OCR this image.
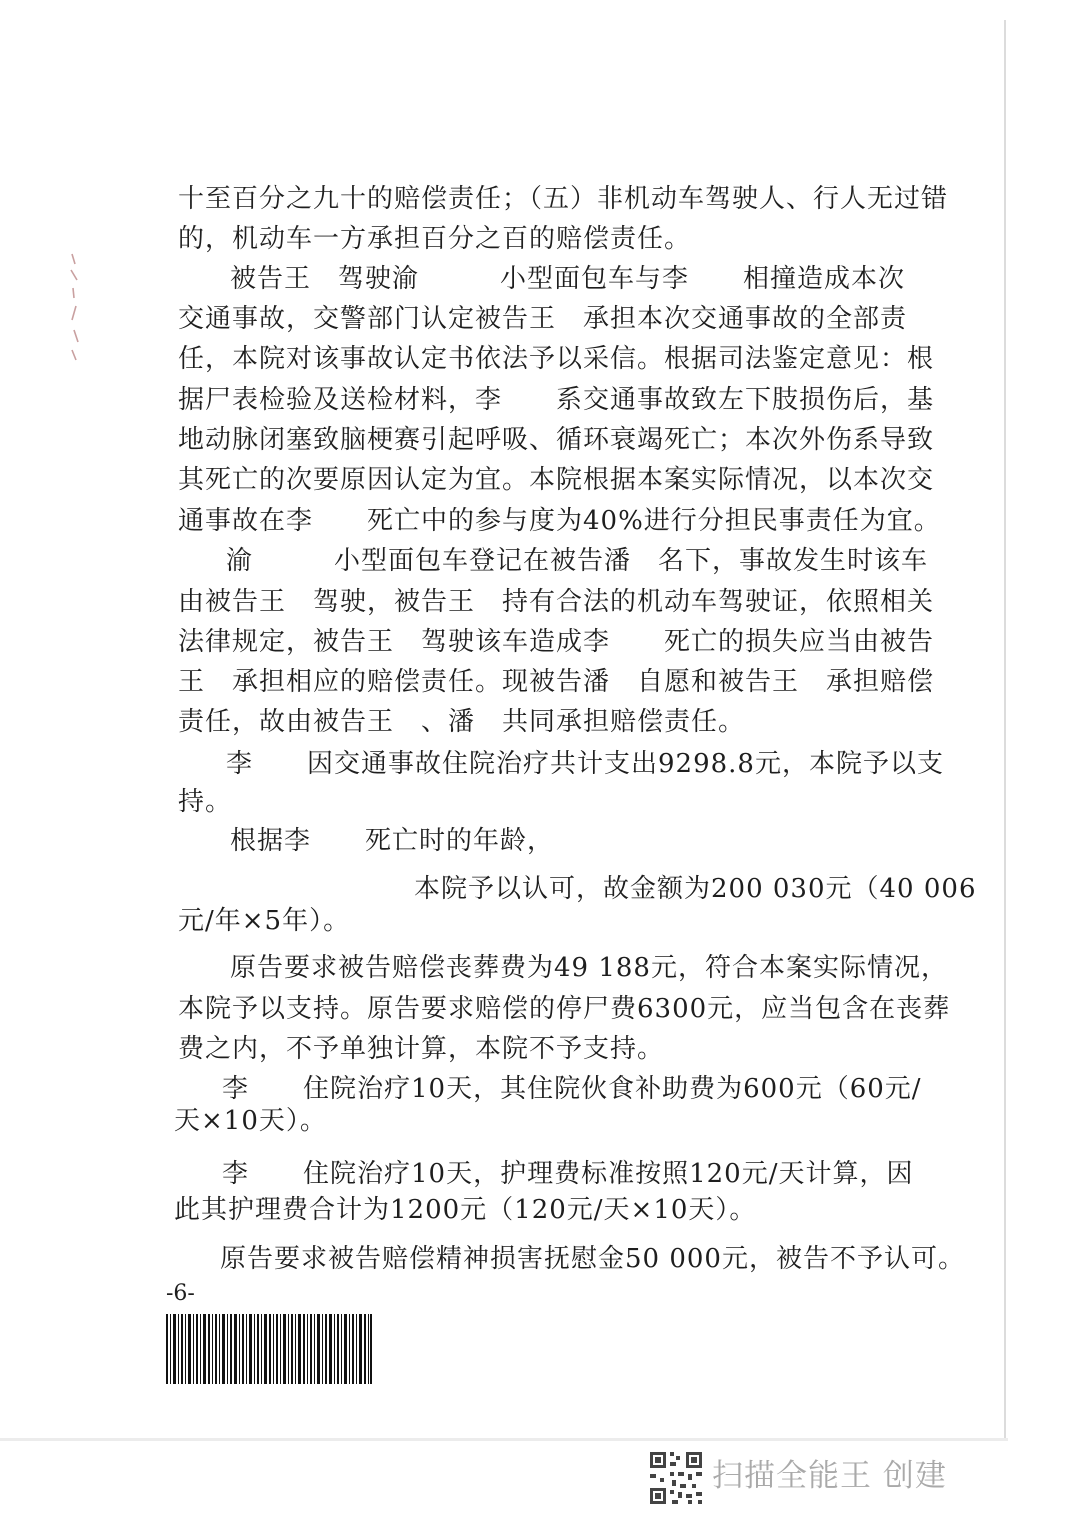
十至百分之九十的赔偿责任；（五）非机动车驾驶人、行人无过错
的，机动车一方承担百分之百的赔偿责任。
被告王　驾驶渝　　　小型面包车与李　　相撞造成本次
交通事故，交警部门认定被告王　承担本次交通事故的全部责
任，本院对该事故认定书依法予以采信。根据司法鉴定意见：根
据尸表检验及送检材料，李　　系交通事故致左下肢损伤后，基
地动脉闭塞致脑梗赛引起呼吸、循环衰竭死亡；本次外伤系导致
其死亡的次要原因认定为宜。本院根据本案实际情况，以本次交
通事故在李　　死亡中的参与度为40%进行分担民事责任为宜。
渝　　　小型面包车登记在被告潘　名下，事故发生时该车
由被告王　驾驶，被告王　持有合法的机动车驾驶证，依照相关
法律规定，被告王　驾驶该车造成李　　死亡的损失应当由被告
王　承担相应的赔偿责任。现被告潘　自愿和被告王　承担赔偿
责任，故由被告王　、潘　共同承担赔偿责任。
李　　因交通事故住院治疗共计支出9298.8元，本院予以支
持。
根据李　　死亡时的年龄，
本院予以认可，故金额为200 030元（40 006
元/年×5年）。
原告要求被告赔偿丧葬费为49 188元，符合本案实际情况，
本院予以支持。原告要求赔偿的停尸费6300元，应当包含在丧葬
费之内，不予单独计算，本院不予支持。
李　　住院治疗10天，其住院伙食补助费为600元（60元/
天×10天）。
李　　住院治疗10天，护理费标准按照120元/天计算，因
此其护理费合计为1200元（120元/天×10天）。
原告要求被告赔偿精神损害抚慰金50 000元，被告不予认可。
-6-
扫描全能王 创建
